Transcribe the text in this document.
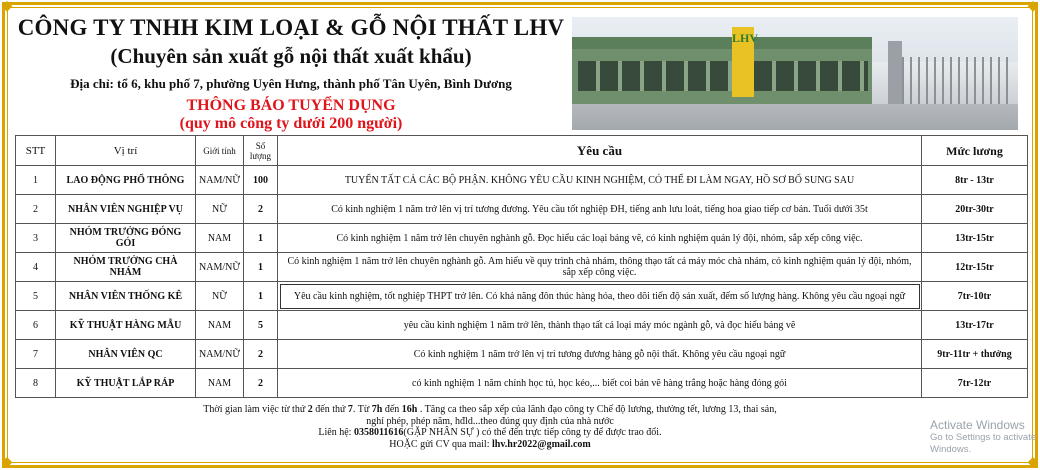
◆	◆
◆	◆
CÔNG TY TNHH KIM LOẠI & GỖ NỘI THẤT LHV
(Chuyên sản xuất gỗ nội thất xuất khẩu)
Địa chỉ: tổ 6, khu phố 7, phường Uyên Hưng, thành phố Tân Uyên, Bình Dương
THÔNG BÁO TUYỂN DỤNG
(quy mô công ty dưới 200 người)
LHV
STT	Vị trí	Giới tính	Số lượng	Yêu cầu	Mức lương
1	LAO ĐỘNG PHỔ THÔNG	NAM/NỮ	100	TUYỂN TẤT CẢ CÁC BỘ PHẬN. KHÔNG YÊU CẦU KINH NGHIỆM, CÓ THỂ ĐI LÀM NGAY, HỒ SƠ BỔ SUNG SAU	8tr - 13tr
2	NHÂN VIÊN NGHIỆP VỤ	NỮ	2	Có kinh nghiệm 1 năm trở lên vị trí tương đương. Yêu cầu tốt nghiệp ĐH, tiếng anh lưu loát, tiếng hoa giao tiếp cơ bản. Tuổi dưới 35t	20tr-30tr
3	NHÓM TRƯỞNG ĐÓNG GÓI	NAM	1	Có kinh nghiệm 1 năm trở lên chuyên nghành gỗ. Đọc hiểu các loại bảng vẽ, có kinh nghiệm quản lý đội, nhóm, sắp xếp công việc.	13tr-15tr
4	NHÓM TRƯỞNG CHÀ NHÁM	NAM/NỮ	1	Có kinh nghiệm 1 năm trở lên chuyên nghành gỗ. Am hiểu về quy trình chà nhám, thông thạo tất cả máy móc chà nhám, có kinh nghiệm quản lý đội, nhóm, sắp xếp công việc.	12tr-15tr
5	NHÂN VIÊN THỐNG KÊ	NỮ	1	Yêu cầu kinh nghiệm, tốt nghiệp THPT trở lên. Có khả năng đôn thúc hàng hóa, theo dõi tiến độ sản xuất, đếm số lượng hàng. Không yêu cầu ngoại ngữ	7tr-10tr
6	KỸ THUẬT HÀNG MẪU	NAM	5	yêu cầu kinh nghiệm 1 năm trở lên, thành thạo tất cả loại máy móc ngành gỗ, và đọc hiểu bảng vẽ	13tr-17tr
7	NHÂN VIÊN QC	NAM/NỮ	2	Có kinh nghiệm 1 năm trở lên vị trí tương đương hàng gỗ nội thất. Không yêu cầu ngoại ngữ	9tr-11tr + thưởng
8	KỸ THUẬT LẮP RÁP	NAM	2	có kinh nghiệm 1 năm chính học tủ, học kéo,... biết coi bản vẽ hàng trắng hoặc hàng đóng gói	7tr-12tr
Thời gian làm việc từ thứ 2 đến thứ 7. Từ 7h đến 16h . Tăng ca theo sắp xếp của lãnh đạo công ty Chế độ lương, thưởng tết, lương 13, thai sản,
nghỉ phép, phép năm, hđld...theo đúng quy định của nhà nước
Liên hệ: 0358011616(GẶP NHÂN SỰ ) có thể đến trực tiếp công ty để được trao đổi.
HOẶC gửi CV qua mail: lhv.hr2022@gmail.com
Activate Windows
Go to Settings to activate Windows.
